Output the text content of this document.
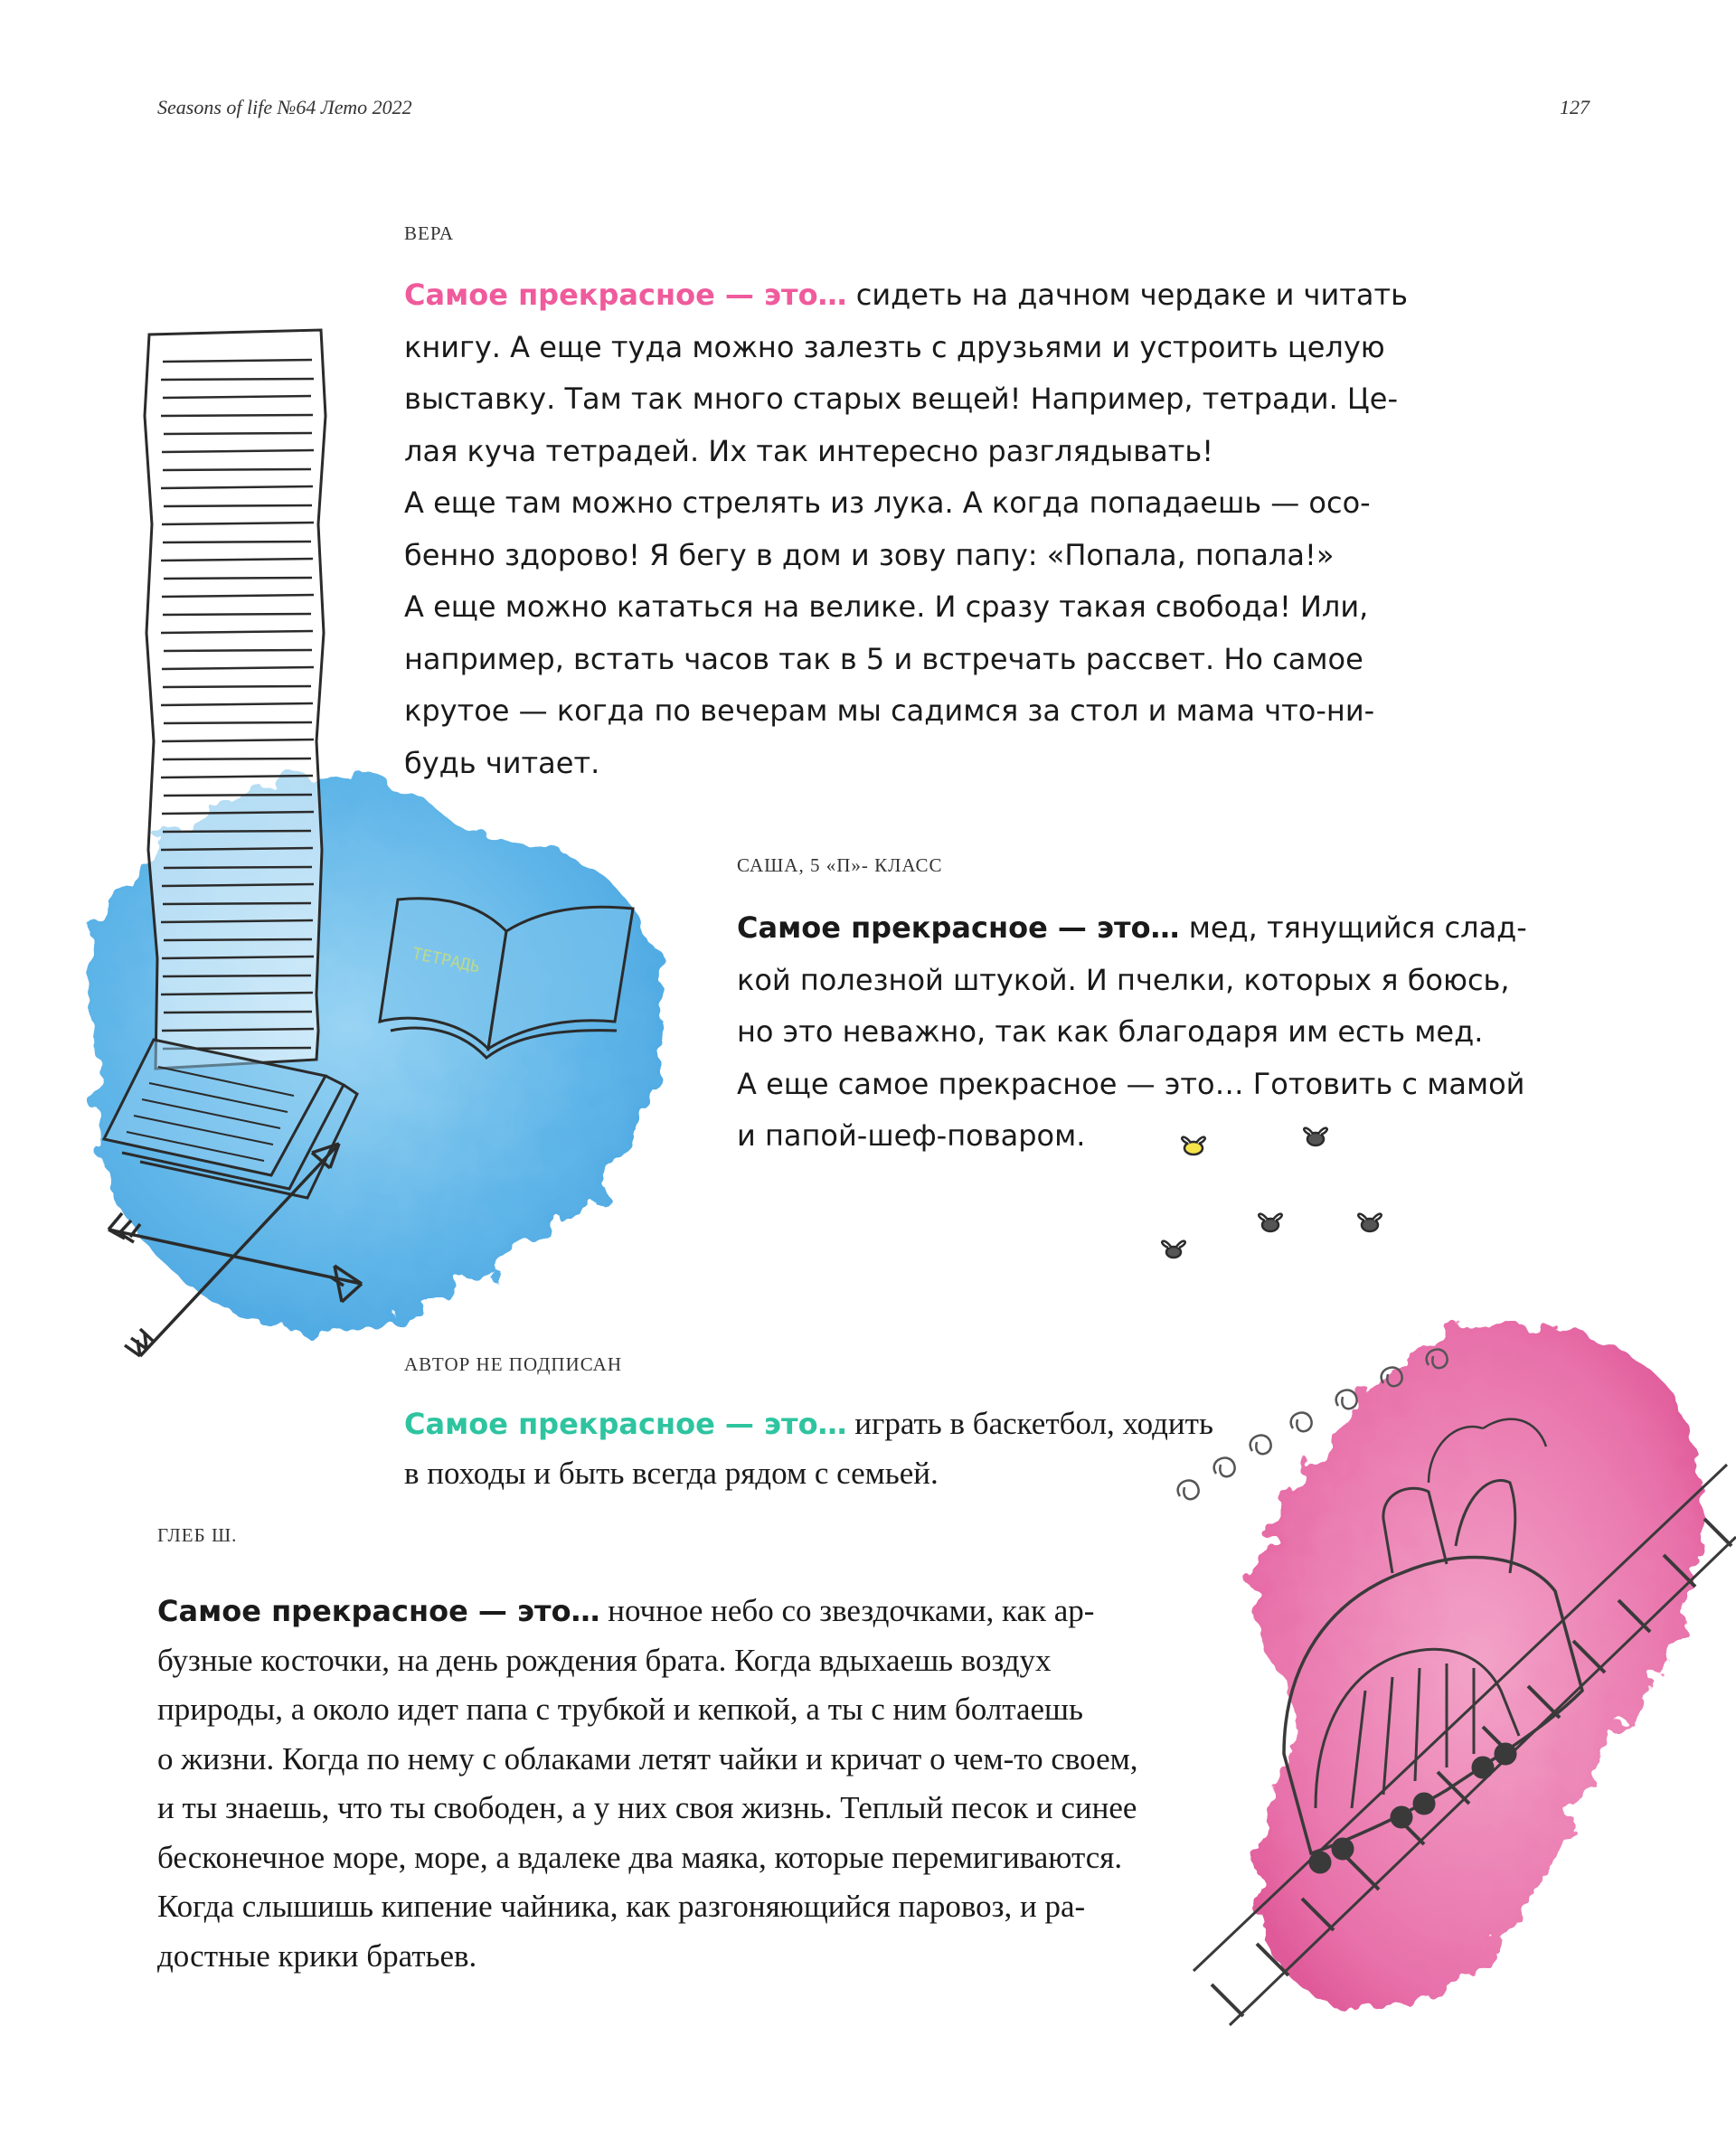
Seasons of life №64 Лето 2022	127
ТЕТРАДЬ
ВЕРА
Самое прекрасное — это… сидеть на дачном чердаке и читать
книгу. А еще туда можно залезть с друзьями и устроить целую
выставку. Там так много старых вещей! Например, тетради. Це-
лая куча тетрадей. Их так интересно разглядывать!
А еще там можно стрелять из лука. А когда попадаешь — осо-
бенно здорово! Я бегу в дом и зову папу: «Попала, попала!»
А еще можно кататься на велике. И сразу такая свобода! Или,
например, встать часов так в 5 и встречать рассвет. Но самое
крутое — когда по вечерам мы садимся за стол и мама что-ни-
будь читает.
САША, 5 «П»- КЛАСС
Самое прекрасное — это… мед, тянущийся слад-
кой полезной штукой. И пчелки, которых я боюсь,
но это неважно, так как благодаря им есть мед.
А еще самое прекрасное — это… Готовить с мамой
и папой-шеф-поваром.
АВТОР НЕ ПОДПИСАН
Самое прекрасное — это… играть в баскетбол, ходить
в походы и быть всегда рядом с семьей.
ГЛЕБ Ш.
Самое прекрасное — это… ночное небо со звездочками, как ар-
бузные косточки, на день рождения брата. Когда вдыхаешь воздух
природы, а около идет папа с трубкой и кепкой, а ты с ним болтаешь
о жизни. Когда по нему с облаками летят чайки и кричат о чем-то своем,
и ты знаешь, что ты свободен, а у них своя жизнь. Теплый песок и синее
бесконечное море, море, а вдалеке два маяка, которые перемигиваются.
Когда слышишь кипение чайника, как разгоняющийся паровоз, и ра-
достные крики братьев.
